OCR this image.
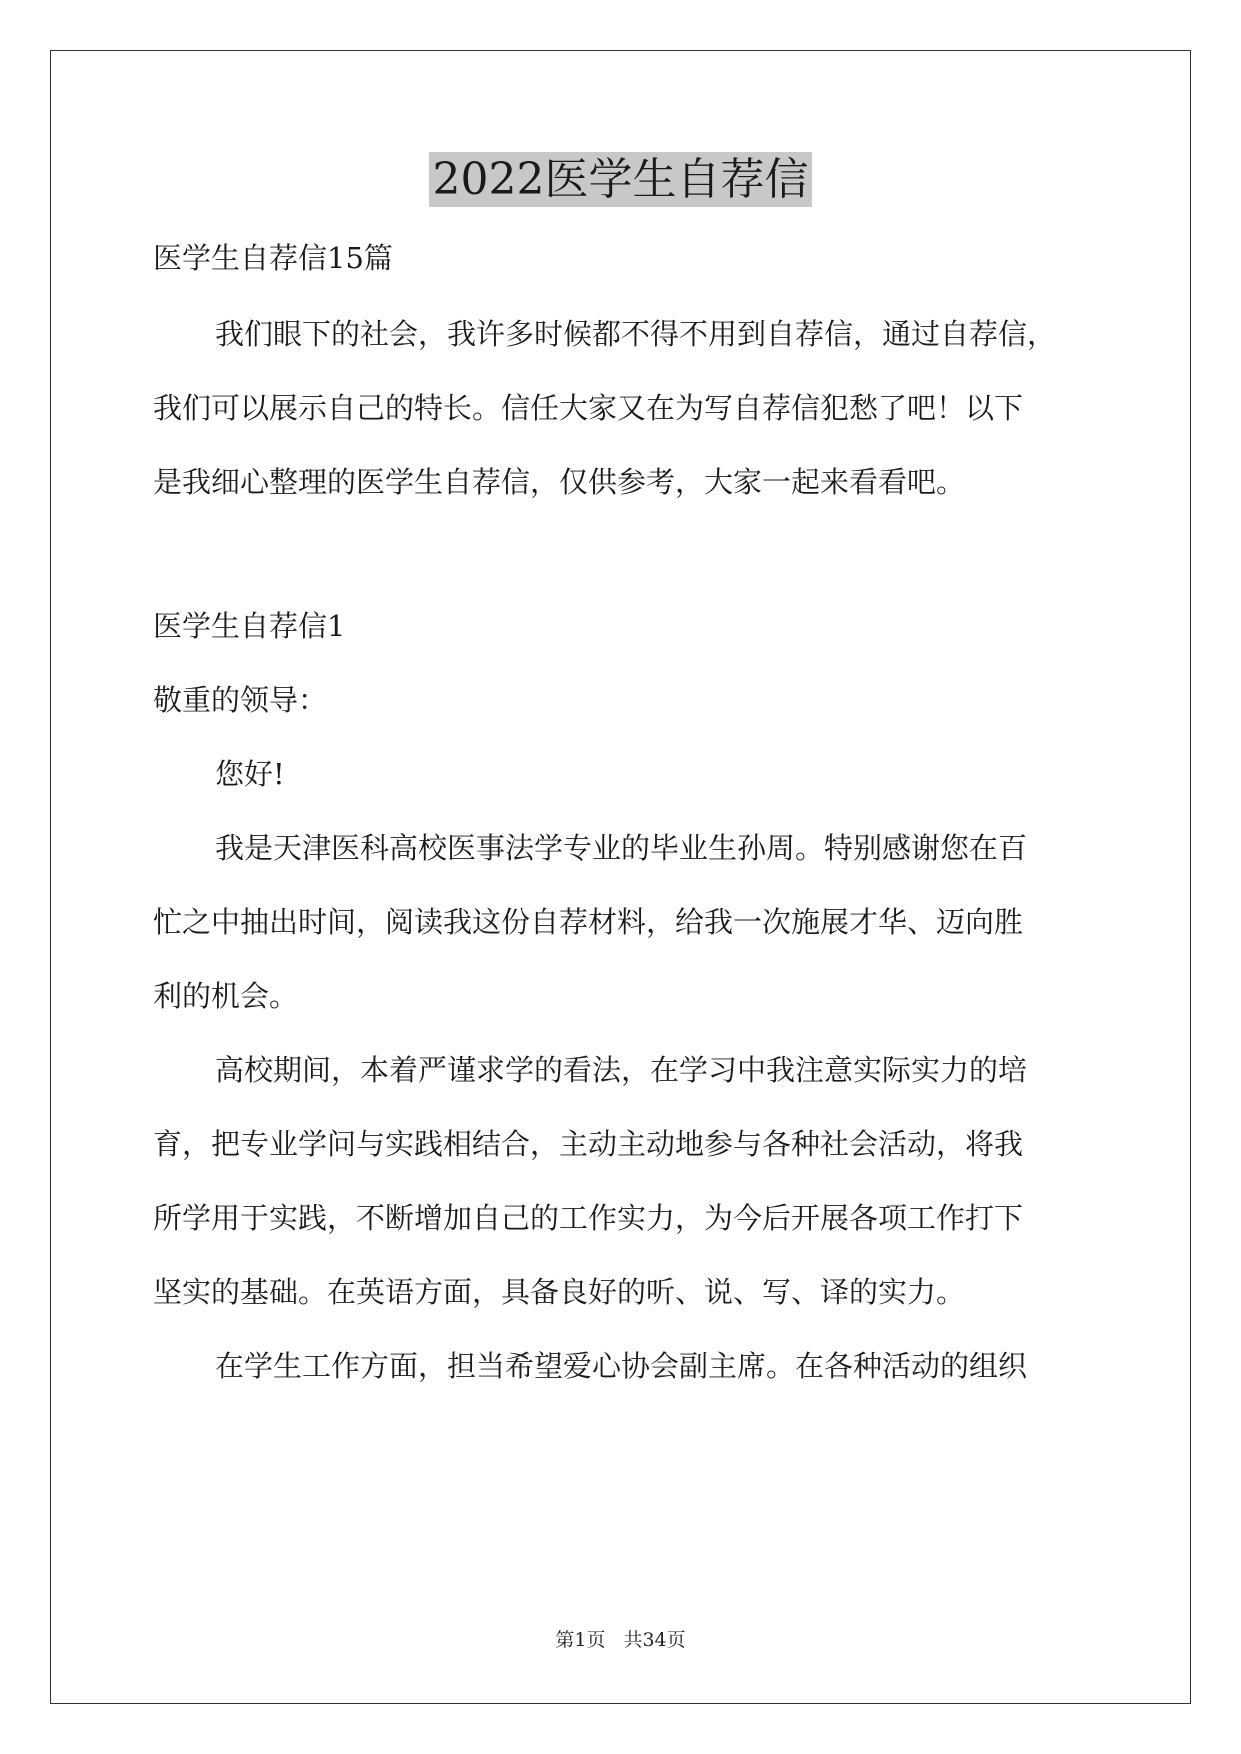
2022医学生自荐信

医学生自荐信15篇

我们眼下的社会，我许多时候都不得不用到自荐信，通过自荐信，

我们可以展示自己的特长。信任大家又在为写自荐信犯愁了吧！以下

是我细心整理的医学生自荐信，仅供参考，大家一起来看看吧。

医学生自荐信1

敬重的领导：

您好!

我是天津医科高校医事法学专业的毕业生孙周。特别感谢您在百

忙之中抽出时间，阅读我这份自荐材料，给我一次施展才华、迈向胜

利的机会。

高校期间，本着严谨求学的看法，在学习中我注意实际实力的培

育，把专业学问与实践相结合，主动主动地参与各种社会活动，将我

所学用于实践，不断增加自己的工作实力，为今后开展各项工作打下

坚实的基础。在英语方面，具备良好的听、说、写、译的实力。

在学生工作方面，担当希望爱心协会副主席。在各种活动的组织

第1页 共34页
